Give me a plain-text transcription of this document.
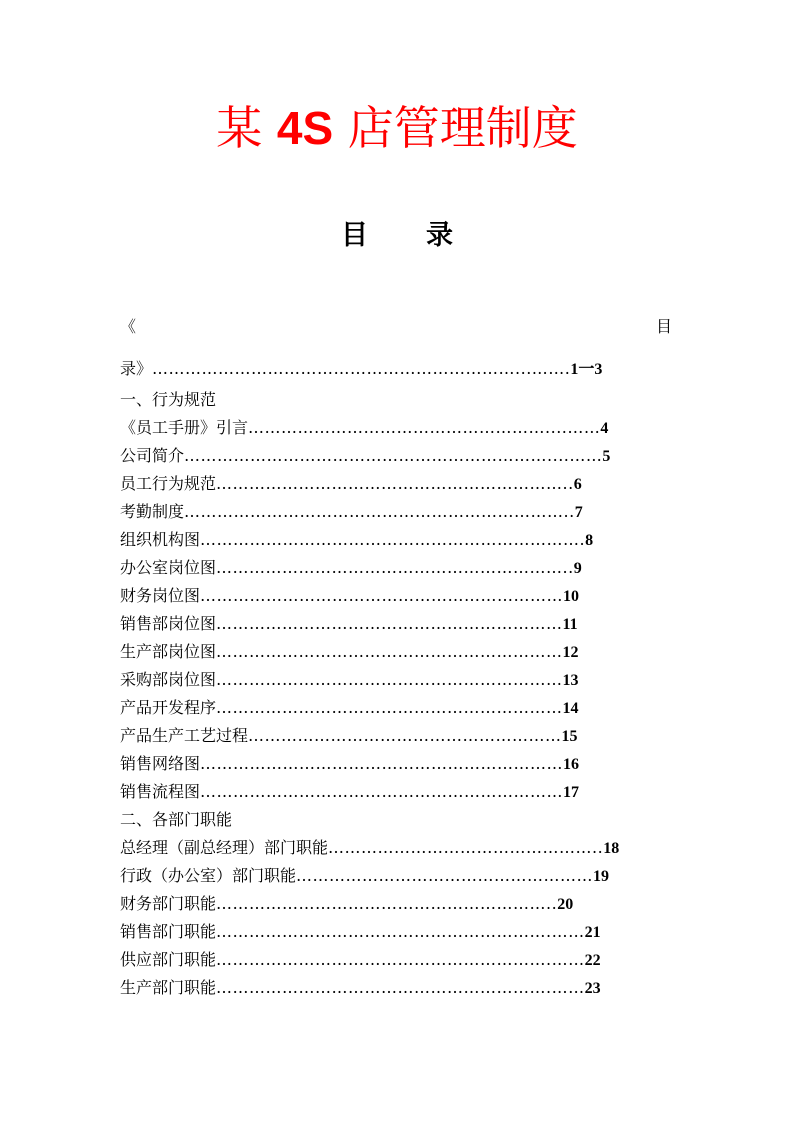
某 4S 店管理制度
目 录
《	目
录》…………………………………………………………...…….1一3
一、行为规范
《员工手册》引言………………………………………………....……4
公司简介…………………………………………………………....……5
员工行为规范………………………………………………………..6
考勤制度……………………………………………………………..7
组织机构图…………………………………………………………….8
办公室岗位图………………………………………………………..9
财务岗位图…………………………………………………………10
销售部岗位图………………………………………………………11
生产部岗位图………………………………………………………12
采购部岗位图………………………………………………………13
产品开发程序………………………………………………………14
产品生产工艺过程…………………………………………………15
销售网络图…………………………………………………………16
销售流程图…………………………………………………………17
二、各部门职能
总经理（副总经理）部门职能…………………………………………..18
行政（办公室）部门职能………………………………………………19
财务部门职能……………………………………………………..20
销售部门职能…………………………………………………….……21
供应部门职能…………………………………………………….……22
生产部门职能…………………………………………………….……23
